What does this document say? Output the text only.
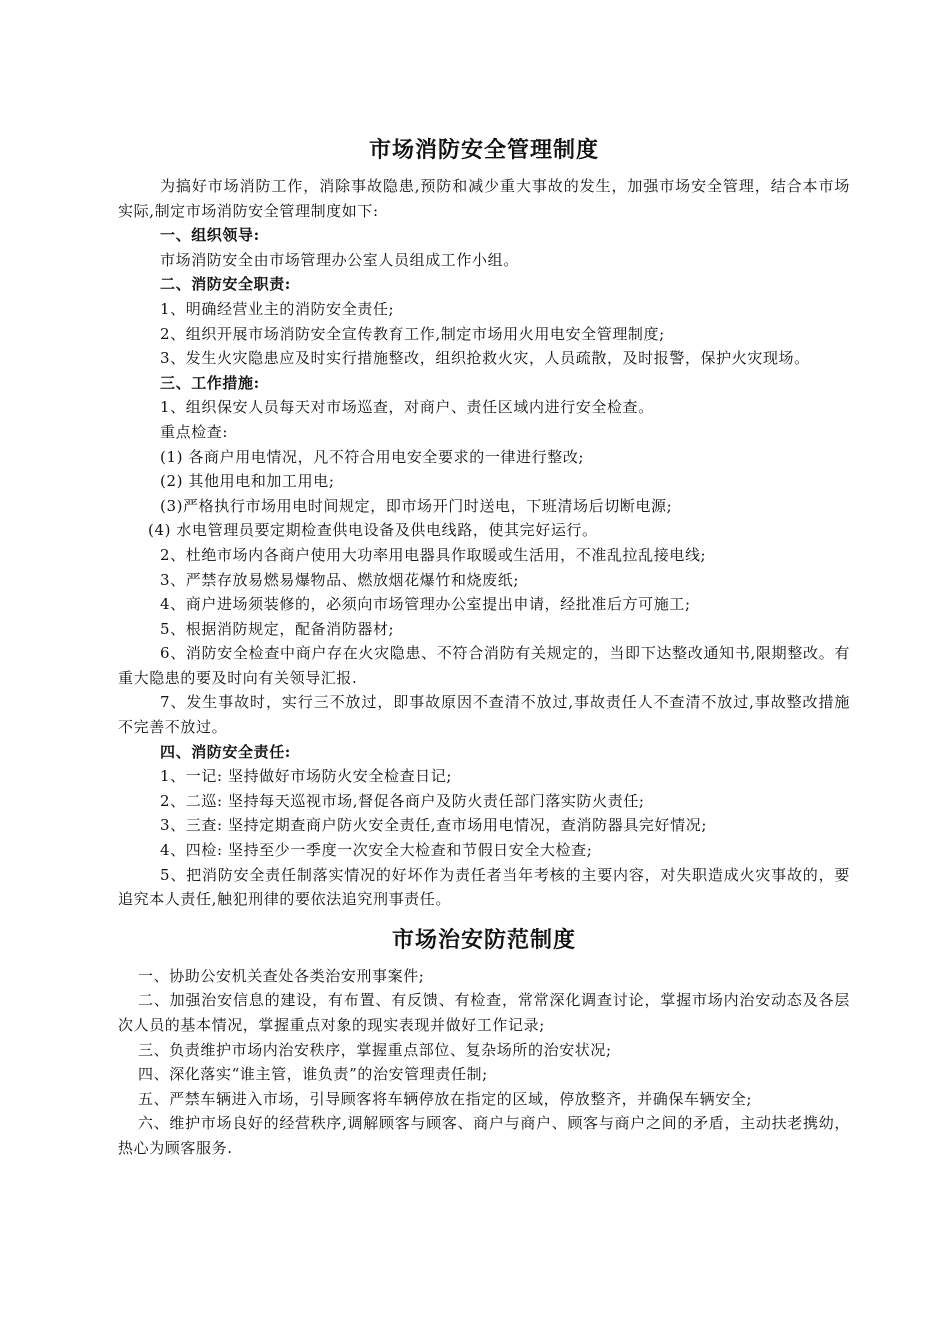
市场消防安全管理制度

为搞好市场消防工作，消除事故隐患,预防和减少重大事故的发生，加强市场安全管理，结合本市场实际,制定市场消防安全管理制度如下:

一、组织领导:

市场消防安全由市场管理办公室人员组成工作小组。

二、消防安全职责:

1、明确经营业主的消防安全责任;

2、组织开展市场消防安全宣传教育工作,制定市场用火用电安全管理制度;

3、发生火灾隐患应及时实行措施整改，组织抢救火灾，人员疏散，及时报警，保护火灾现场。

三、工作措施:

1、组织保安人员每天对市场巡查，对商户、责任区域内进行安全检查。

重点检查:

(1) 各商户用电情况，凡不符合用电安全要求的一律进行整改;

(2) 其他用电和加工用电;

(3)严格执行市场用电时间规定，即市场开门时送电，下班清场后切断电源;

(4) 水电管理员要定期检查供电设备及供电线路，使其完好运行。

2、杜绝市场内各商户使用大功率用电器具作取暖或生活用，不准乱拉乱接电线;

3、严禁存放易燃易爆物品、燃放烟花爆竹和烧废纸;

4、商户进场须装修的，必须向市场管理办公室提出申请，经批准后方可施工;

5、根据消防规定，配备消防器材;

6、消防安全检查中商户存在火灾隐患、不符合消防有关规定的，当即下达整改通知书,限期整改。有重大隐患的要及时向有关领导汇报.

7、发生事故时，实行三不放过，即事故原因不查清不放过,事故责任人不查清不放过,事故整改措施不完善不放过。

四、消防安全责任:

1、一记: 坚持做好市场防火安全检查日记;

2、二巡: 坚持每天巡视市场,督促各商户及防火责任部门落实防火责任;

3、三查: 坚持定期查商户防火安全责任,查市场用电情况，查消防器具完好情况;

4、四检: 坚持至少一季度一次安全大检查和节假日安全大检查;

5、把消防安全责任制落实情况的好坏作为责任者当年考核的主要内容，对失职造成火灾事故的，要追究本人责任,触犯刑律的要依法追究刑事责任。

市场治安防范制度

一、协助公安机关查处各类治安刑事案件;

二、加强治安信息的建设，有布置、有反馈、有检查，常常深化调查讨论，掌握市场内治安动态及各层次人员的基本情况，掌握重点对象的现实表现并做好工作记录;

三、负责维护市场内治安秩序，掌握重点部位、复杂场所的治安状况;

四、深化落实“谁主管，谁负责”的治安管理责任制;

五、严禁车辆进入市场，引导顾客将车辆停放在指定的区域，停放整齐，并确保车辆安全;

六、维护市场良好的经营秩序,调解顾客与顾客、商户与商户、顾客与商户之间的矛盾，主动扶老携幼，热心为顾客服务.
